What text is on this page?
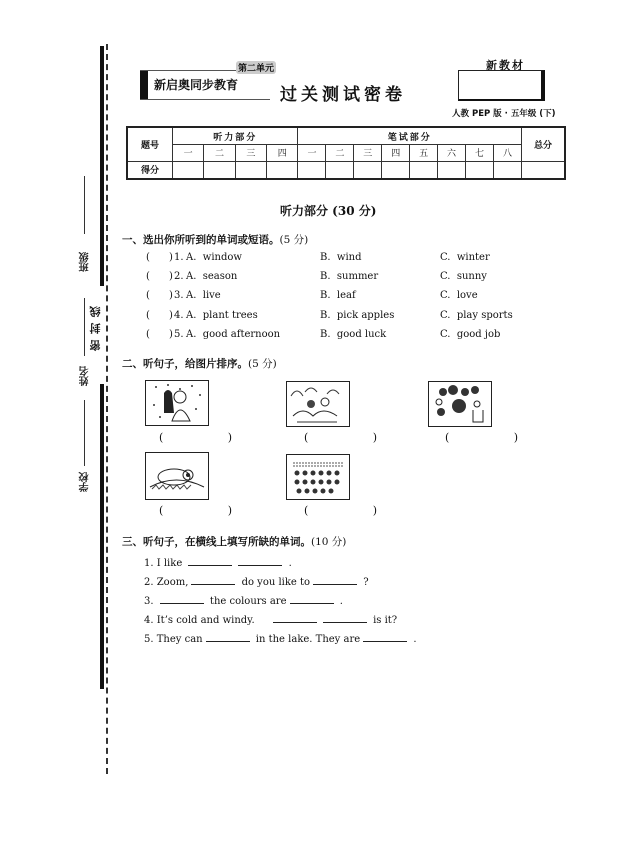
班级
姓名
学校
密封线
新启奥同步教育
第二单元
过关测试密卷
新教材
人教 PEP 版 · 五年级 (下)
题号	听力部分				笔试部分								总分
	一	二	三	四	一	二	三	四	五	六	七	八	
得分													
听力部分 (30 分)
一、选出你所听到的单词或短语。(5 分)
(      ) 1. A.  window	B.  wind	C.  winter
(      ) 2. A.  season	B.  summer	C.  sunny
(      ) 3. A.  live	B.  leaf	C.  love
(      ) 4. A.  plant trees	B.  pick apples	C.  play sports
(      ) 5. A.  good afternoon	B.  good luck	C.  good job
二、听句子，给图片排序。(5 分)
(   )	(   )	(   )
(   )	(   )
三、听句子，在横线上填写所缺的单词。(10 分)
1. I like	.
2. Zoom,	do you like to	?
3.	the colours are	.
4. It’s cold and windy.	is it?
5. They can	in the lake. They are	.
